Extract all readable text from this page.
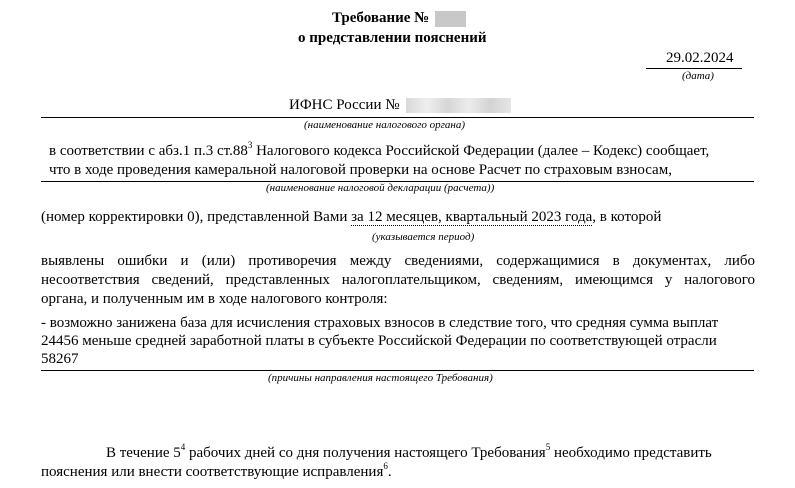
Требование №
о представлении пояснений
29.02.2024
(дата)
ИФНС России №
(наименование налогового органа)
в соответствии с абз.1 п.3 $ст.88^3$ Налогового кодекса Российской Федерации (далее – Кодекс) сообщает,
что в ходе проведения камеральной налоговой проверки на основе Расчет по страховым взносам,
(наименование налоговой декларации (расчета))
(номер корректировки 0), представленной Вами за 12 месяцев, квартальный 2023 года, в которой
(указывается период)
выявлены ошибки и (или) противоречия между сведениями, содержащимися в документах, либо
несоответствия сведений, представленных налогоплательщиком, сведениям, имеющимся у налогового
органа, и полученным им в ходе налогового контроля:
- возможно занижена база для исчисления страховых взносов в следствие того, что средняя сумма выплат
24456 меньше средней заработной платы в субъекте Российской Федерации по соответствующей отрасли
58267
(причины направления настоящего Требования)
В течение $5^4$ рабочих дней со дня получения настоящего Требования$^5$ необходимо представить
пояснения или внести соответствующие исправления$^6$.
